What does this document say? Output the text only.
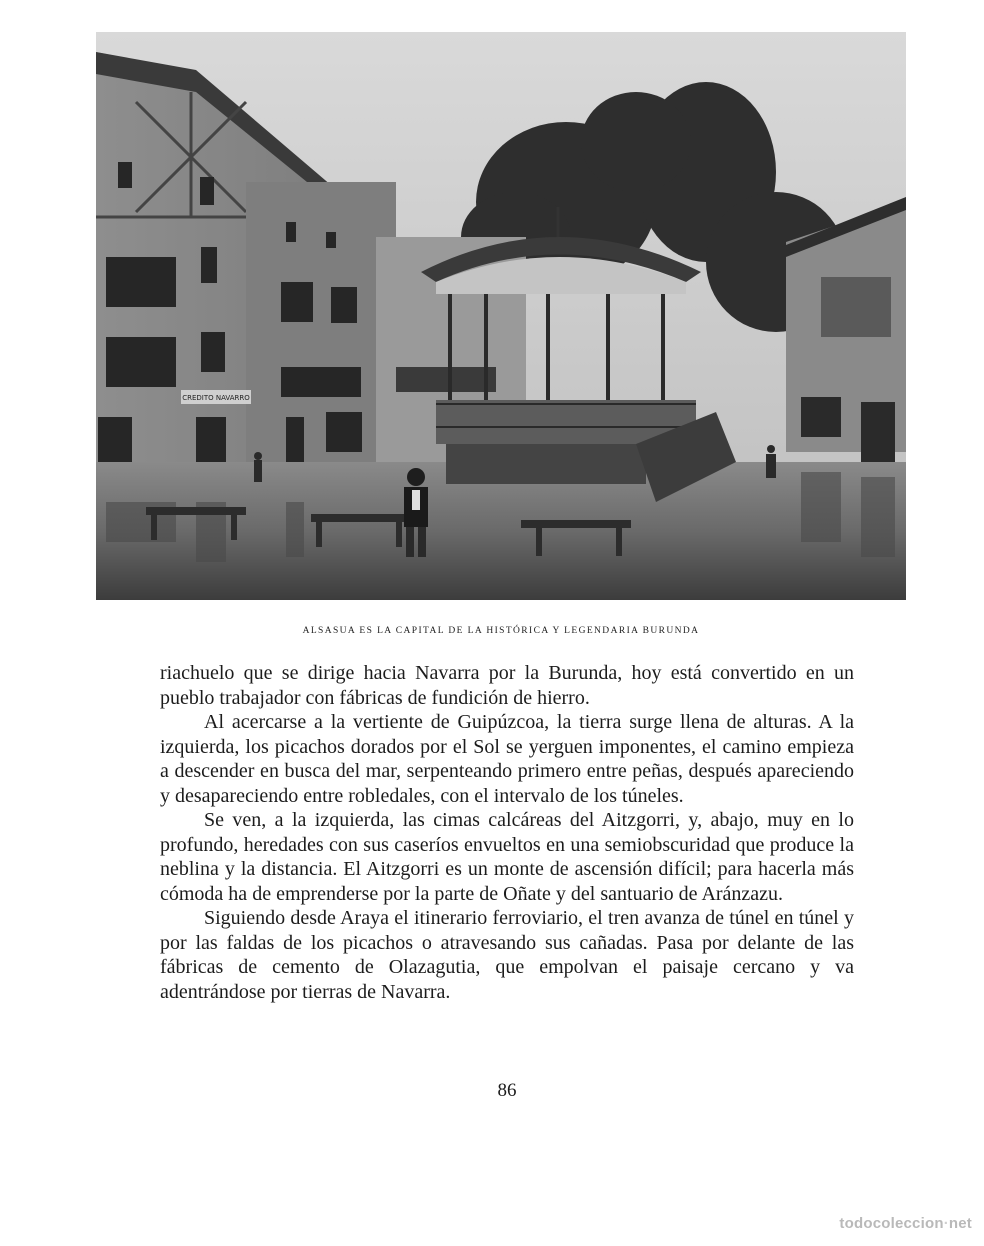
CREDITO NAVARRO
ALSASUA ES LA CAPITAL DE LA HISTÓRICA Y LEGENDARIA BURUNDA

riachuelo que se dirige hacia Navarra por la Burunda, hoy está convertido en un pueblo trabajador con fábricas de fundición de hierro.

Al acercarse a la vertiente de Guipúzcoa, la tierra surge llena de alturas. A la izquierda, los picachos dorados por el Sol se yerguen imponentes, el camino empieza a descender en busca del mar, serpenteando primero entre peñas, después apareciendo y desapareciendo entre robledales, con el intervalo de los túneles.

Se ven, a la izquierda, las cimas calcáreas del Aitzgorri, y, abajo, muy en lo profundo, heredades con sus caseríos envueltos en una semiobscuridad que produce la neblina y la distancia. El Aitzgorri es un monte de ascensión difícil; para hacerla más cómoda ha de emprenderse por la parte de Oñate y del santuario de Aránzazu.

Siguiendo desde Araya el itinerario ferroviario, el tren avanza de túnel en túnel y por las faldas de los picachos o atravesando sus cañadas. Pasa por delante de las fábricas de cemento de Olazagutia, que empolvan el paisaje cercano y va adentrándose por tierras de Navarra.

86
todocoleccion·net
